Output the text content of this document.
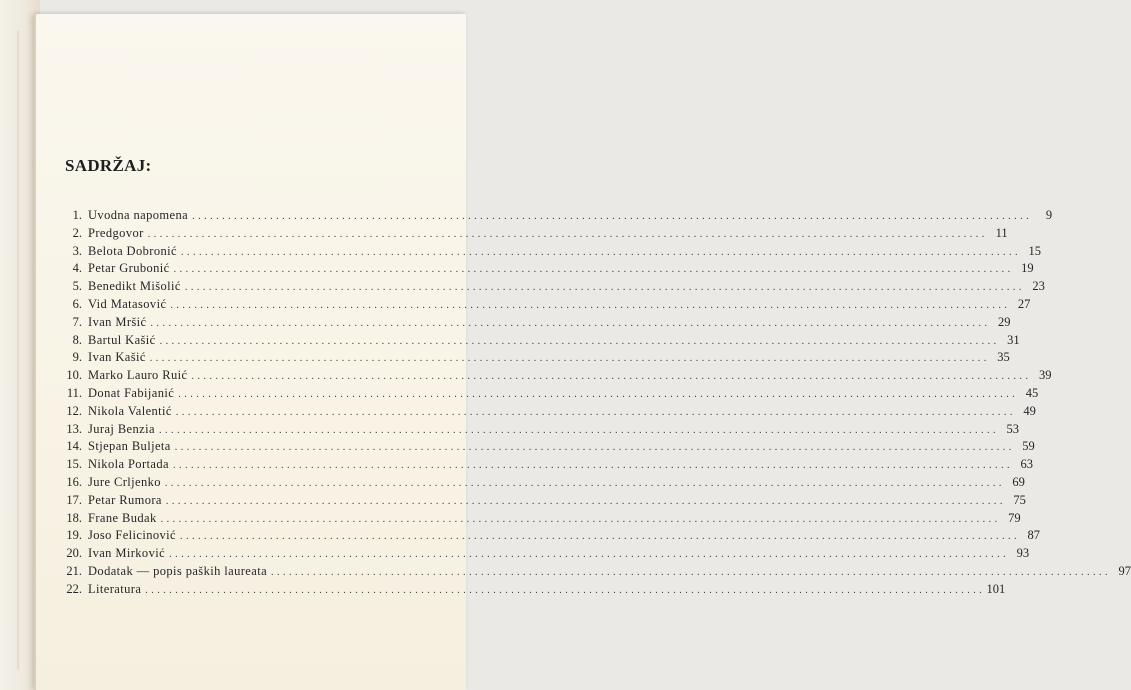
SADRŽAJ:
1. Uvodna napomena . . . . . . . . . . . . . . . . . . . . . . . . . . . . . . . . . . . . . . . . . . . . . . . . . . . . . . . . . . . . . . . . . . . . . . . . . . . . . . . . . . . . . . . . . . . . . . . . . . . . . . . . . . . . . . . . . . . . . . . . . . . . . . . . . . . . . . . . . . . .	9
2. Predgovor . . . . . . . . . . . . . . . . . . . . . . . . . . . . . . . . . . . . . . . . . . . . . . . . . . . . . . . . . . . . . . . . . . . . . . . . . . . . . . . . . . . . . . . . . . . . . . . . . . . . . . . . . . . . . . . . . . . . . . . . . . . . . . . . . . . . . . . . . . . . 11
3. Belota Dobronić . . . . . . . . . . . . . . . . . . . . . . . . . . . . . . . . . . . . . . . . . . . . . . . . . . . . . . . . . . . . . . . . . . . . . . . . . . . . . . . . . . . . . . . . . . . . . . . . . . . . . . . . . . . . . . . . . . . . . . . . . . . . . . . . . . . . . . . . . . . . 15
4. Petar Grubonić . . . . . . . . . . . . . . . . . . . . . . . . . . . . . . . . . . . . . . . . . . . . . . . . . . . . . . . . . . . . . . . . . . . . . . . . . . . . . . . . . . . . . . . . . . . . . . . . . . . . . . . . . . . . . . . . . . . . . . . . . . . . . . . . . . . . . . . . . . . . 19
5. Benedikt Mišolić . . . . . . . . . . . . . . . . . . . . . . . . . . . . . . . . . . . . . . . . . . . . . . . . . . . . . . . . . . . . . . . . . . . . . . . . . . . . . . . . . . . . . . . . . . . . . . . . . . . . . . . . . . . . . . . . . . . . . . . . . . . . . . . . . . . . . . . . . . . . 23
6. Vid Matasović . . . . . . . . . . . . . . . . . . . . . . . . . . . . . . . . . . . . . . . . . . . . . . . . . . . . . . . . . . . . . . . . . . . . . . . . . . . . . . . . . . . . . . . . . . . . . . . . . . . . . . . . . . . . . . . . . . . . . . . . . . . . . . . . . . . . . . . . . . . . 27
7. Ivan Mršić . . . . . . . . . . . . . . . . . . . . . . . . . . . . . . . . . . . . . . . . . . . . . . . . . . . . . . . . . . . . . . . . . . . . . . . . . . . . . . . . . . . . . . . . . . . . . . . . . . . . . . . . . . . . . . . . . . . . . . . . . . . . . . . . . . . . . . . . . . . . 29
8. Bartul Kašić . . . . . . . . . . . . . . . . . . . . . . . . . . . . . . . . . . . . . . . . . . . . . . . . . . . . . . . . . . . . . . . . . . . . . . . . . . . . . . . . . . . . . . . . . . . . . . . . . . . . . . . . . . . . . . . . . . . . . . . . . . . . . . . . . . . . . . . . . . . . 31
9. Ivan Kašić . . . . . . . . . . . . . . . . . . . . . . . . . . . . . . . . . . . . . . . . . . . . . . . . . . . . . . . . . . . . . . . . . . . . . . . . . . . . . . . . . . . . . . . . . . . . . . . . . . . . . . . . . . . . . . . . . . . . . . . . . . . . . . . . . . . . . . . . . . . . 35
10. Marko Lauro Ruić . . . . . . . . . . . . . . . . . . . . . . . . . . . . . . . . . . . . . . . . . . . . . . . . . . . . . . . . . . . . . . . . . . . . . . . . . . . . . . . . . . . . . . . . . . . . . . . . . . . . . . . . . . . . . . . . . . . . . . . . . . . . . . . . . . . . . . . . . . . . 39
11. Donat Fabijanić . . . . . . . . . . . . . . . . . . . . . . . . . . . . . . . . . . . . . . . . . . . . . . . . . . . . . . . . . . . . . . . . . . . . . . . . . . . . . . . . . . . . . . . . . . . . . . . . . . . . . . . . . . . . . . . . . . . . . . . . . . . . . . . . . . . . . . . . . . . . 45
12. Nikola Valentić . . . . . . . . . . . . . . . . . . . . . . . . . . . . . . . . . . . . . . . . . . . . . . . . . . . . . . . . . . . . . . . . . . . . . . . . . . . . . . . . . . . . . . . . . . . . . . . . . . . . . . . . . . . . . . . . . . . . . . . . . . . . . . . . . . . . . . . . . . . . 49
13. Juraj Benzia . . . . . . . . . . . . . . . . . . . . . . . . . . . . . . . . . . . . . . . . . . . . . . . . . . . . . . . . . . . . . . . . . . . . . . . . . . . . . . . . . . . . . . . . . . . . . . . . . . . . . . . . . . . . . . . . . . . . . . . . . . . . . . . . . . . . . . . . . . . . 53
14. Stjepan Buljeta . . . . . . . . . . . . . . . . . . . . . . . . . . . . . . . . . . . . . . . . . . . . . . . . . . . . . . . . . . . . . . . . . . . . . . . . . . . . . . . . . . . . . . . . . . . . . . . . . . . . . . . . . . . . . . . . . . . . . . . . . . . . . . . . . . . . . . . . . . . . 59
15. Nikola Portada . . . . . . . . . . . . . . . . . . . . . . . . . . . . . . . . . . . . . . . . . . . . . . . . . . . . . . . . . . . . . . . . . . . . . . . . . . . . . . . . . . . . . . . . . . . . . . . . . . . . . . . . . . . . . . . . . . . . . . . . . . . . . . . . . . . . . . . . . . . . 63
16. Jure Crljenko . . . . . . . . . . . . . . . . . . . . . . . . . . . . . . . . . . . . . . . . . . . . . . . . . . . . . . . . . . . . . . . . . . . . . . . . . . . . . . . . . . . . . . . . . . . . . . . . . . . . . . . . . . . . . . . . . . . . . . . . . . . . . . . . . . . . . . . . . . . . 69
17. Petar Rumora . . . . . . . . . . . . . . . . . . . . . . . . . . . . . . . . . . . . . . . . . . . . . . . . . . . . . . . . . . . . . . . . . . . . . . . . . . . . . . . . . . . . . . . . . . . . . . . . . . . . . . . . . . . . . . . . . . . . . . . . . . . . . . . . . . . . . . . . . . . . 75
18. Frane Budak . . . . . . . . . . . . . . . . . . . . . . . . . . . . . . . . . . . . . . . . . . . . . . . . . . . . . . . . . . . . . . . . . . . . . . . . . . . . . . . . . . . . . . . . . . . . . . . . . . . . . . . . . . . . . . . . . . . . . . . . . . . . . . . . . . . . . . . . . . . . 79
19. Joso Felicinović . . . . . . . . . . . . . . . . . . . . . . . . . . . . . . . . . . . . . . . . . . . . . . . . . . . . . . . . . . . . . . . . . . . . . . . . . . . . . . . . . . . . . . . . . . . . . . . . . . . . . . . . . . . . . . . . . . . . . . . . . . . . . . . . . . . . . . . . . . . . 87
20. Ivan Mirković . . . . . . . . . . . . . . . . . . . . . . . . . . . . . . . . . . . . . . . . . . . . . . . . . . . . . . . . . . . . . . . . . . . . . . . . . . . . . . . . . . . . . . . . . . . . . . . . . . . . . . . . . . . . . . . . . . . . . . . . . . . . . . . . . . . . . . . . . . . . 93
21. Dodatak — popis paških laureata . . . . . . . . . . . . . . . . . . . . . . . . . . . . . . . . . . . . . . . . . . . . . . . . . . . . . . . . . . . . . . . . . . . . . . . . . . . . . . . . . . . . . . . . . . . . . . . . . . . . . . . . . . . . . . . . . . . . . . . . . . . . . . . . . . . . . . . . . . . . 97
22. Literatura . . . . . . . . . . . . . . . . . . . . . . . . . . . . . . . . . . . . . . . . . . . . . . . . . . . . . . . . . . . . . . . . . . . . . . . . . . . . . . . . . . . . . . . . . . . . . . . . . . . . . . . . . . . . . . . . . . . . . . . . . . . . . . . . . . . . . . . . . . . . 101
